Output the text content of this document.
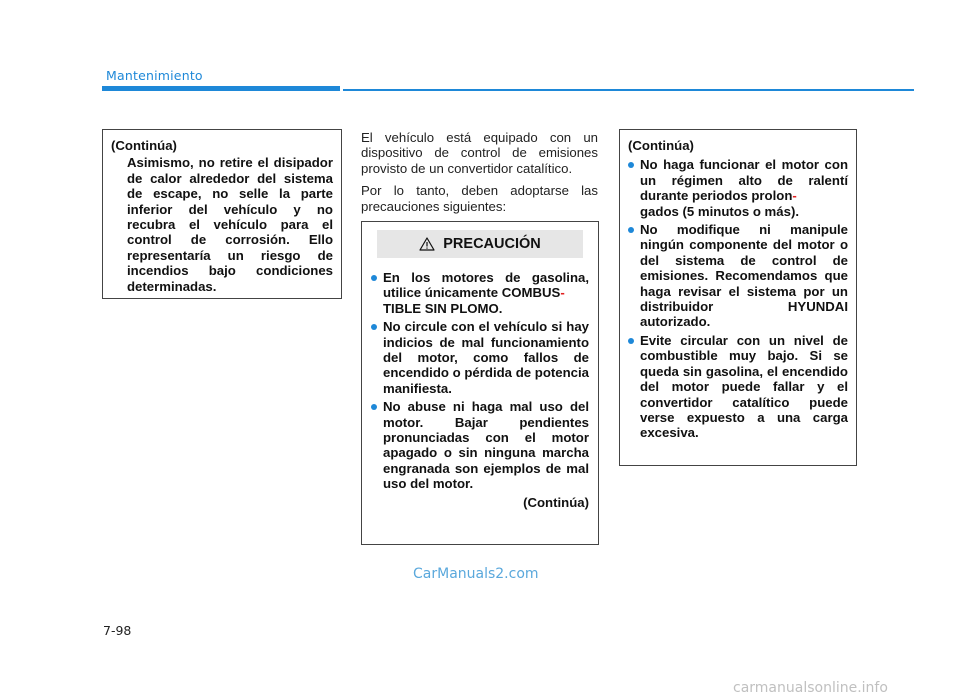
Mantenimiento
(Continúa)
Asimismo, no retire el disipador de calor alrededor del sistema de escape, no selle la parte inferior del vehículo y no recubra el vehículo para el control de corrosión. Ello representaría un riesgo de incendios bajo condiciones determinadas.

El vehículo está equipado con un dispositivo de control de emisiones provisto de un convertidor catalítico.

Por lo tanto, deben adoptarse las precauciones siguientes:

PRECAUCIÓN
En los motores de gasolina, utilice únicamente COMBUS-
TIBLE SIN PLOMO.
No circule con el vehículo si hay indicios de mal funcionamiento del motor, como fallos de encendido o pérdida de potencia manifiesta.
No abuse ni haga mal uso del motor. Bajar pendientes pronunciadas con el motor apagado o sin ninguna marcha engranada son ejemplos de mal uso del motor.
(Continúa)
(Continúa)
No haga funcionar el motor con un régimen alto de ralentí durante periodos prolon-
gados (5 minutos o más).
No modifique ni manipule ningún componente del motor o del sistema de control de emisiones. Recomendamos que haga revisar el sistema por un distribuidor HYUNDAI autorizado.
Evite circular con un nivel de combustible muy bajo. Si se queda sin gasolina, el encendido del motor puede fallar y el convertidor catalítico puede verse expuesto a una carga excesiva.
CarManuals2.com
7-98
carmanualsonline.info
